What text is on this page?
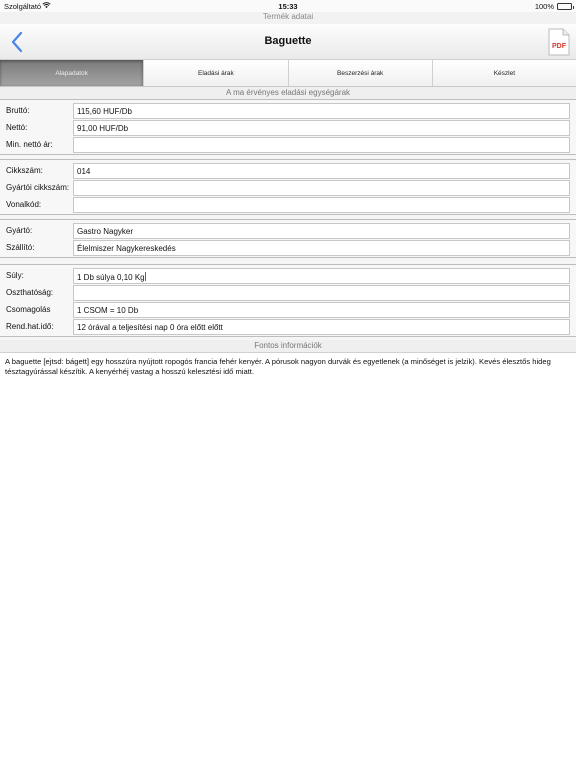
Szolgáltató	15:33	100%
Termék adatai
Baguette	PDF
Alapadatok	Eladási árak	Beszerzési árak	Készlet
A ma érvényes eladási egységárak
Bruttó:	115,60 HUF/Db
Nettó:	91,00 HUF/Db
Min. nettó ár:
Cikkszám:	014
Gyártói cikkszám:
Vonalkód:
Gyártó:	Gastro Nagyker
Szállító:	Élelmiszer Nagykereskedés
Súly:	1 Db súlya 0,10 Kg
Oszthatóság:
Csomagolás	1 CSOM = 10 Db
Rend.hat.idő:	12 órával a teljesítési nap 0 óra előtt előtt
Fontos információk
A baguette [ejtsd: bágett] egy hosszúra nyújtott ropogós francia fehér kenyér. A pórusok nagyon durvák és egyetlenek (a minőséget is jelzik). Kevés élesztős hideg tésztagyúrással készítik. A kenyérhéj vastag a hosszú kelesztési idő miatt.
